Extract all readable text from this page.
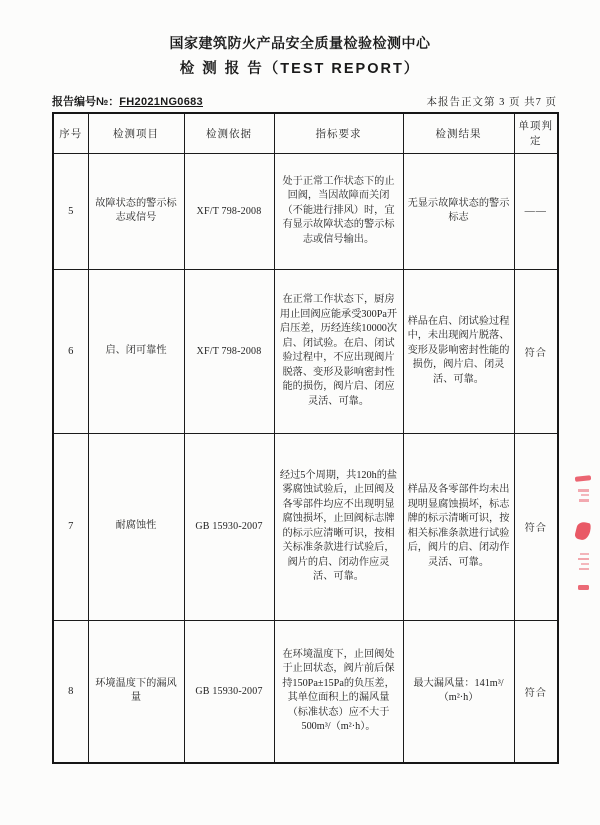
国家建筑防火产品安全质量检验检测中心
检 测 报 告（TEST REPORT）
报告编号№：FH2021NG0683	本报告正文第 3 页 共7 页
序号	检测项目	检测依据	指标要求	检测结果	单项判定
5	故障状态的警示标志或信号	XF/T 798-2008	处于正常工作状态下的止回阀，当因故障而关闭（不能进行排风）时，宜有显示故障状态的警示标志或信号输出。	无显示故障状态的警示标志	——
6	启、闭可靠性	XF/T 798-2008	在正常工作状态下，厨房用止回阀应能承受300Pa开启压差，历经连续10000次启、闭试验。在启、闭试验过程中，不应出现阀片脱落、变形及影响密封性能的损伤，阀片启、闭应灵活、可靠。	样品在启、闭试验过程中，未出现阀片脱落、变形及影响密封性能的损伤，阀片启、闭灵活、可靠。	符合
7	耐腐蚀性	GB 15930-2007	经过5个周期，共120h的盐雾腐蚀试验后，止回阀及各零部件均应不出现明显腐蚀损坏，止回阀标志牌的标示应清晰可识，按相关标准条款进行试验后，阀片的启、闭动作应灵活、可靠。	样品及各零部件均未出现明显腐蚀损坏，标志牌的标示清晰可识，按相关标准条款进行试验后，阀片的启、闭动作灵活、可靠。	符合
8	环境温度下的漏风量	GB 15930-2007	在环境温度下，止回阀处于止回状态，阀片前后保持150Pa±15Pa的负压差，其单位面积上的漏风量（标准状态）应不大于500m³/（m²·h）。	最大漏风量：141m³/（m²·h）	符合
